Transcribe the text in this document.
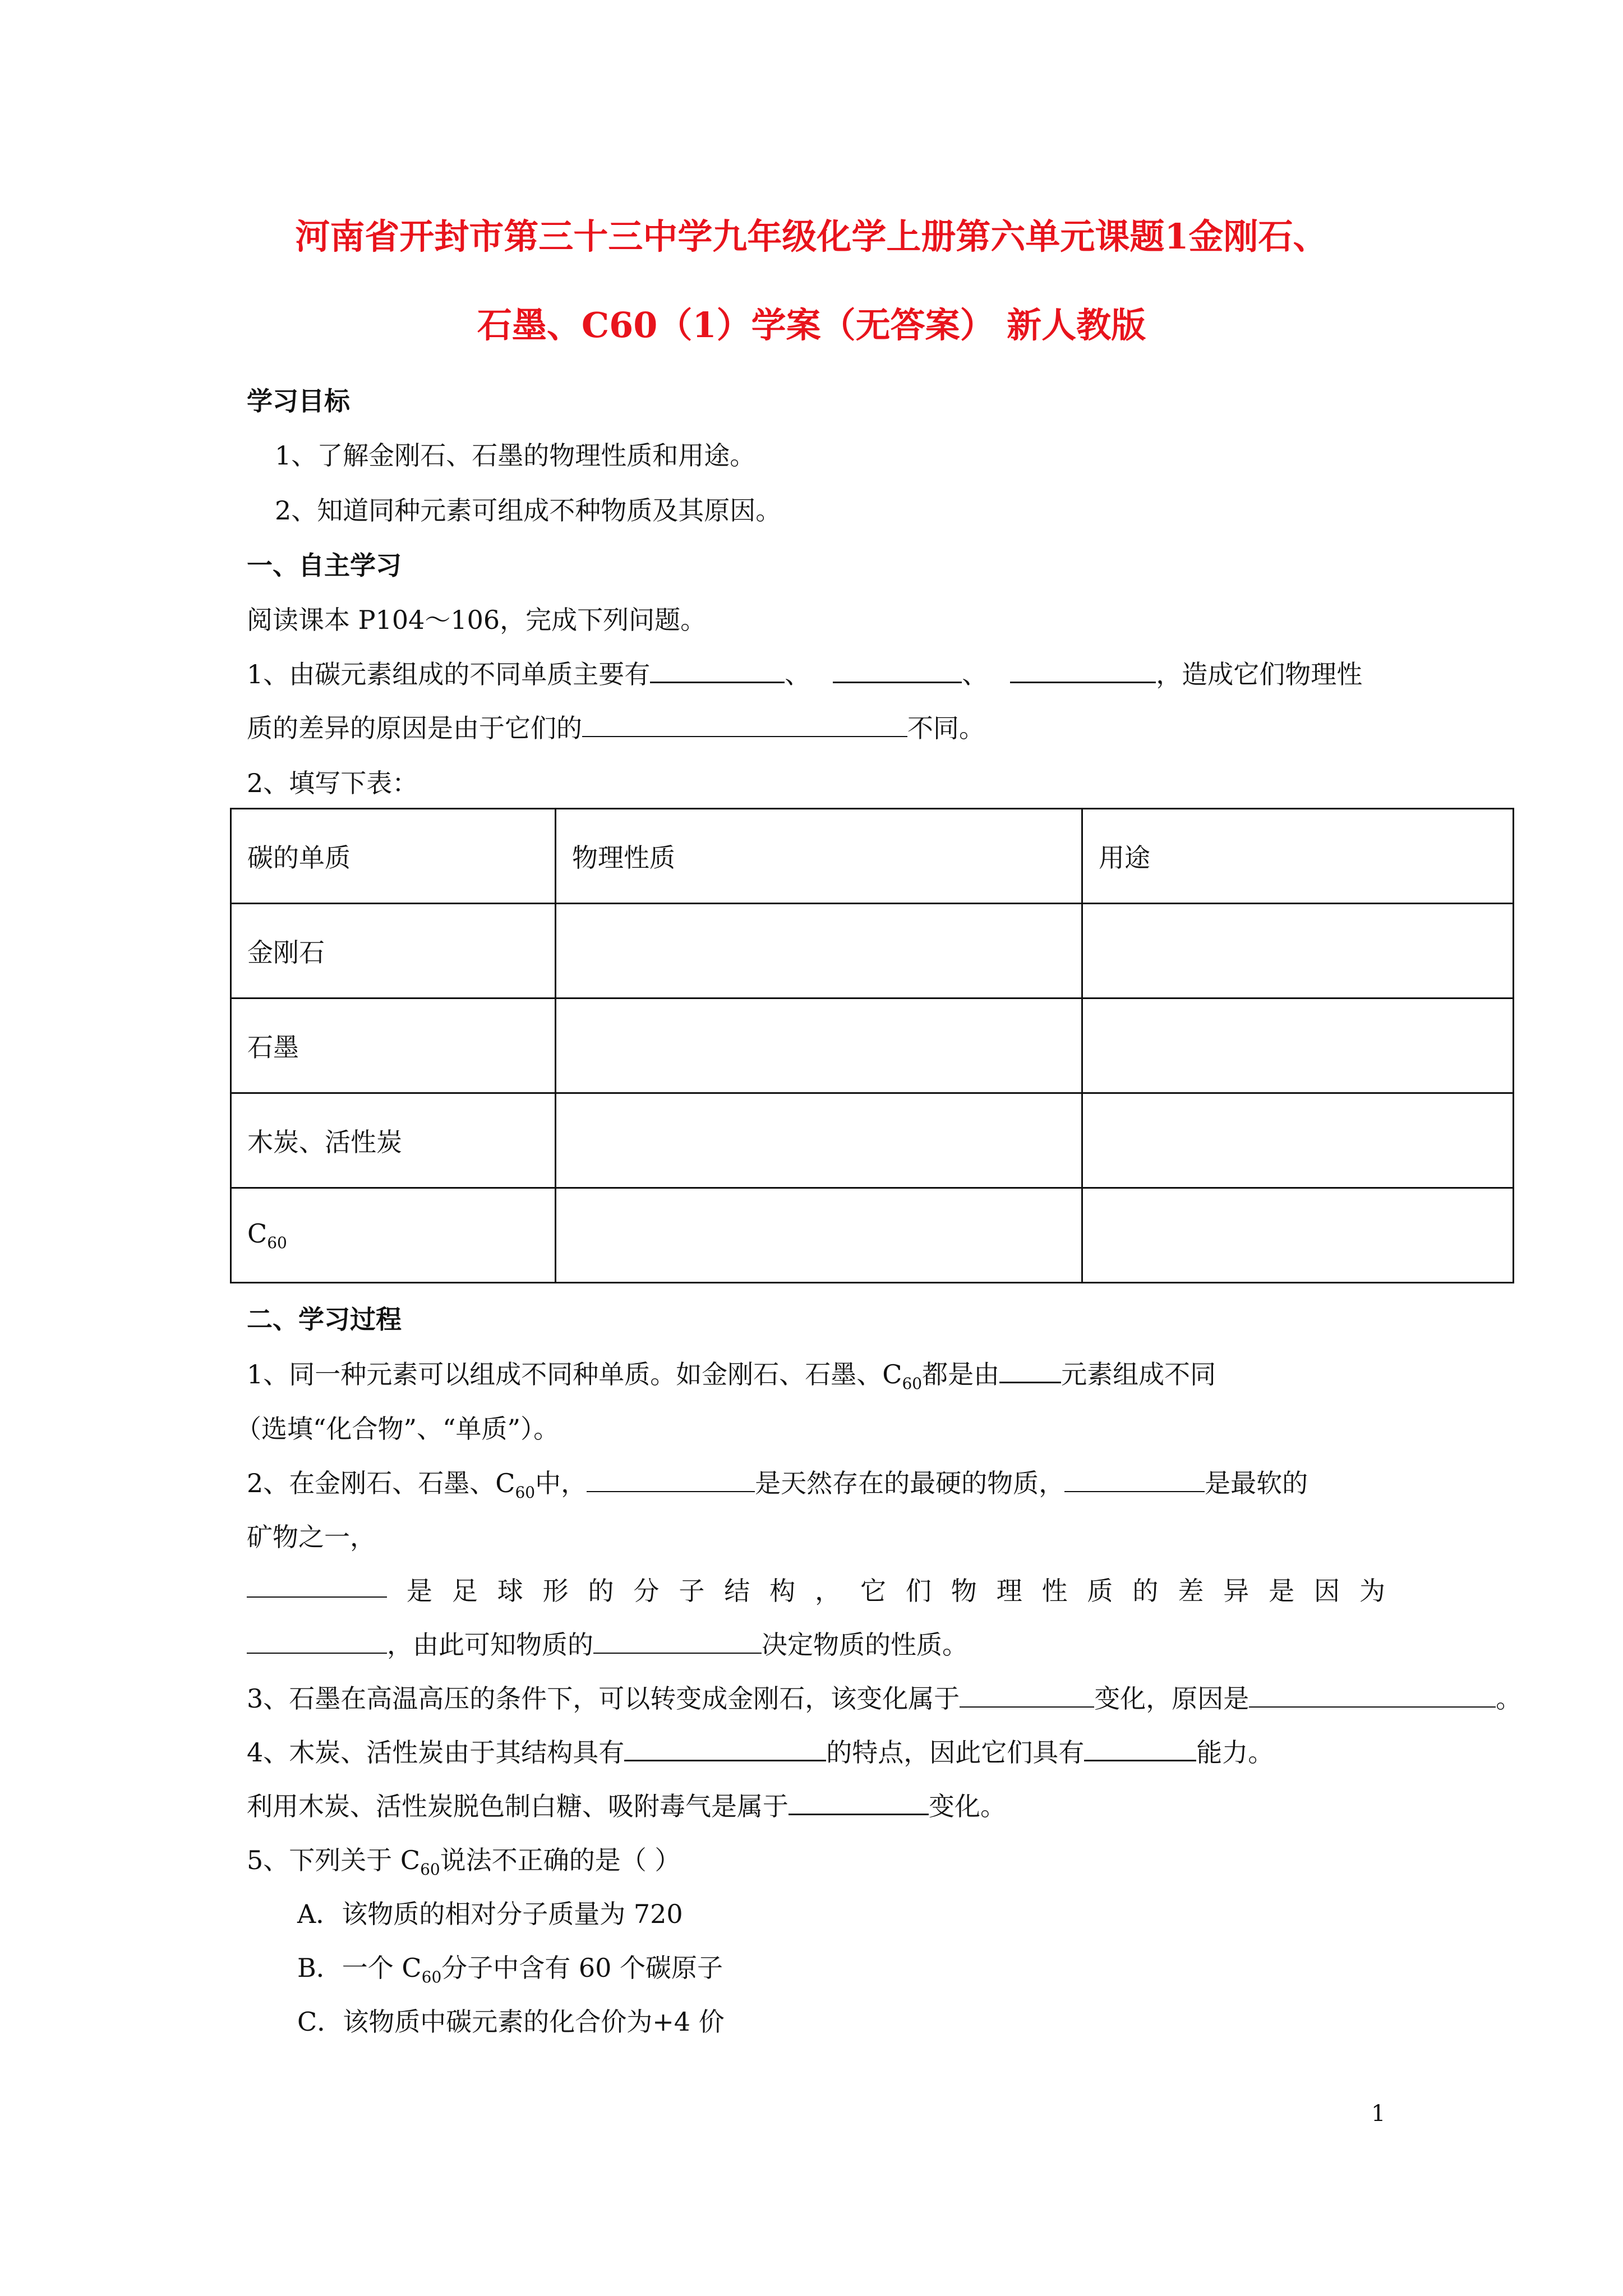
河南省开封市第三十三中学九年级化学上册第六单元课题1金刚石、
石墨、C60（1）学案（无答案） 新人教版
学习目标
1、了解金刚石、石墨的物理性质和用途。
2、知道同种元素可组成不种物质及其原因。
一、自主学习
阅读课本 P104～106，完成下列问题。
1、由碳元素组成的不同单质主要有	、	、	，造成它们物理性
质的差异的原因是由于它们的	不同。
2、填写下表：
碳的单质	物理性质	用途
金刚石		
石墨		
木炭、活性炭		
$C_{60}$		
二、学习过程
1、同一种元素可以组成不同种单质。如金刚石、石墨、$C_{60}$都是由 元素组成不同
（选填“化合物”、“单质”）。
2、在金刚石、石墨、$C_{60}$中，	是天然存在的最硬的物质，	是最软的
矿物之一，
是 足 球 形 的 分 子 结 构 ， 它 们 物 理 性 质 的 差 异 是 因 为
，由此可知物质的	决定物质的性质。
3、石墨在高温高压的条件下，可以转变成金刚石，该变化属于	变化，原因是	。
4、木炭、活性炭由于其结构具有	的特点，因此它们具有	能力。
利用木炭、活性炭脱色制白糖、吸附毒气是属于	变化。
5、下列关于 $C_{60}$说法不正确的是（ ）
A．该物质的相对分子质量为 720
B．一个 $C_{60}$分子中含有 60 个碳原子
C．该物质中碳元素的化合价为+4 价
1
